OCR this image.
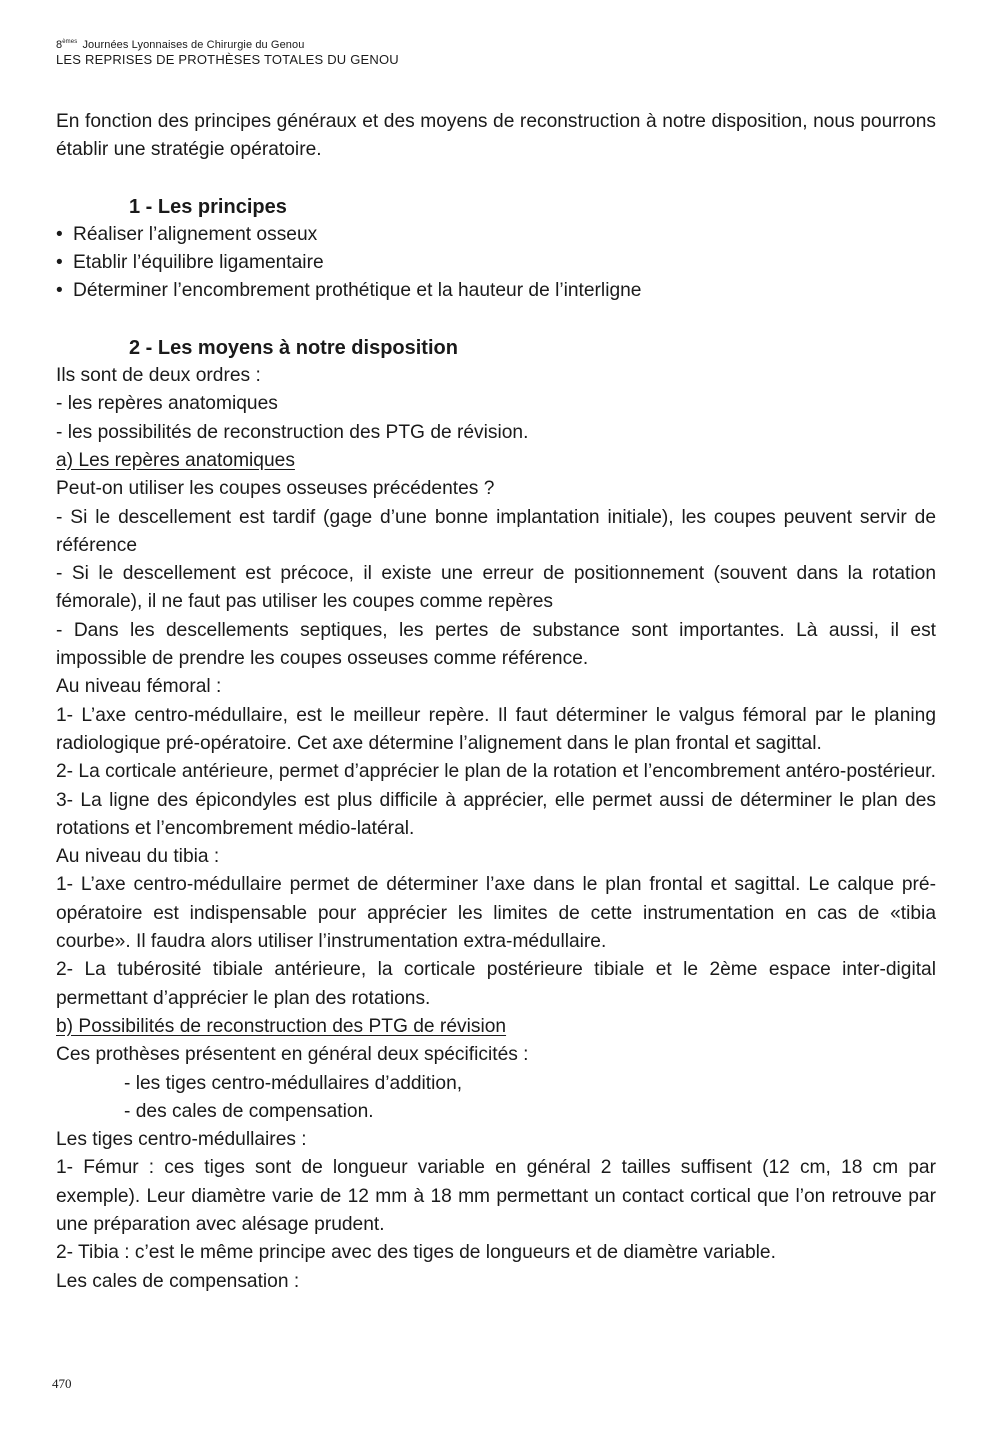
8èmes Journées Lyonnaises de Chirurgie du Genou
LES REPRISES DE PROTHÈSES TOTALES DU GENOU

En fonction des principes généraux et des moyens de reconstruction à notre disposition, nous pourrons établir une stratégie opératoire.

1 - Les principes

• Réaliser l’alignement osseux

• Etablir l’équilibre ligamentaire

• Déterminer l’encombrement prothétique et la hauteur de l’interligne

2 - Les moyens à notre disposition

Ils sont de deux ordres :

- les repères anatomiques

- les possibilités de reconstruction des PTG de révision.

a) Les repères anatomiques

Peut-on utiliser les coupes osseuses précédentes ?

- Si le descellement est tardif (gage d’une bonne implantation initiale), les coupes peuvent servir de référence

- Si le descellement est précoce, il existe une erreur de positionnement (souvent dans la rotation fémorale), il ne faut pas utiliser les coupes comme repères

- Dans les descellements septiques, les pertes de substance sont importantes. Là aussi, il est impossible de prendre les coupes osseuses comme référence.

Au niveau fémoral :

1- L’axe centro-médullaire, est le meilleur repère. Il faut déterminer le valgus fémoral par le planing radiologique pré-opératoire. Cet axe détermine l’alignement dans le plan frontal et sagittal.

2- La corticale antérieure, permet d’apprécier le plan de la rotation et l’encombrement antéro-postérieur.

3- La ligne des épicondyles est plus difficile à apprécier, elle permet aussi de déterminer le plan des rotations et l’encombrement médio-latéral.

Au niveau du tibia :

1- L’axe centro-médullaire permet de déterminer l’axe dans le plan frontal et sagittal. Le calque pré-opératoire est indispensable pour apprécier les limites de cette instrumentation en cas de «tibia courbe». Il faudra alors utiliser l’instrumentation extra-médullaire.

2- La tubérosité tibiale antérieure, la corticale postérieure tibiale et le 2ème espace inter-digital permettant d’apprécier le plan des rotations.

b) Possibilités de reconstruction des PTG de révision

Ces prothèses présentent en général deux spécificités :

- les tiges centro-médullaires d’addition,

- des cales de compensation.

Les tiges centro-médullaires :

1- Fémur : ces tiges sont de longueur variable en général 2 tailles suffisent (12 cm, 18 cm par exemple). Leur diamètre varie de 12 mm à 18 mm permettant un contact cortical que l’on retrouve par une préparation avec alésage prudent.

2- Tibia : c’est le même principe avec des tiges de longueurs et de diamètre variable.

Les cales de compensation :

470
